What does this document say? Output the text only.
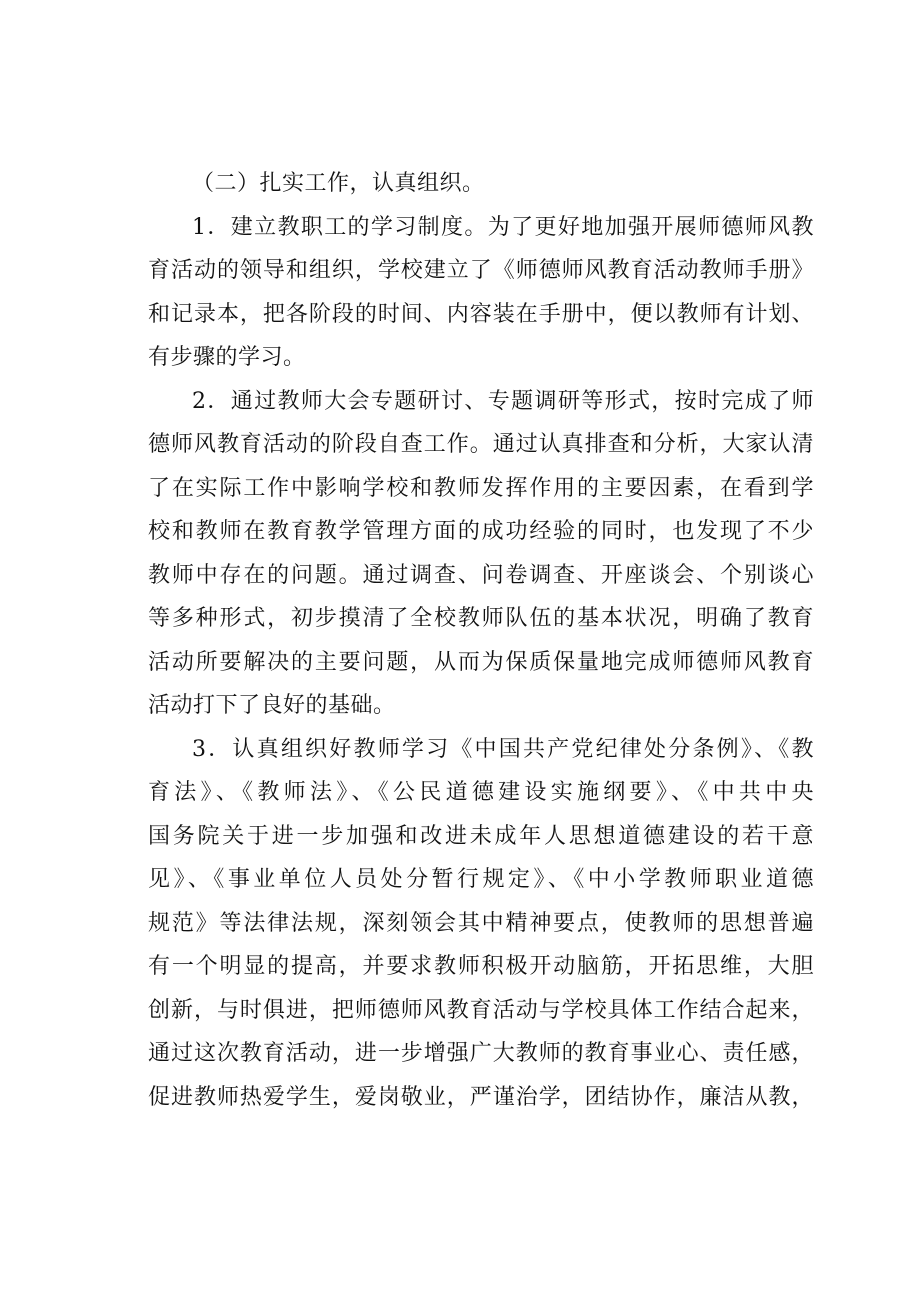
（二）扎实工作，认真组织。
1．建立教职工的学习制度。为了更好地加强开展师德师风教
育活动的领导和组织，学校建立了《师德师风教育活动教师手册》
和记录本，把各阶段的时间、内容装在手册中，便以教师有计划、
有步骤的学习。
2．通过教师大会专题研讨、专题调研等形式，按时完成了师
德师风教育活动的阶段自查工作。通过认真排查和分析，大家认清
了在实际工作中影响学校和教师发挥作用的主要因素，在看到学
校和教师在教育教学管理方面的成功经验的同时，也发现了不少
教师中存在的问题。通过调查、问卷调查、开座谈会、个别谈心
等多种形式，初步摸清了全校教师队伍的基本状况，明确了教育
活动所要解决的主要问题，从而为保质保量地完成师德师风教育
活动打下了良好的基础。
3．认真组织好教师学习《中国共产党纪律处分条例》、《教
育法》、《教师法》、《公民道德建设实施纲要》、《中共中央
国务院关于进一步加强和改进未成年人思想道德建设的若干意
见》、《事业单位人员处分暂行规定》、《中小学教师职业道德
规范》等法律法规，深刻领会其中精神要点，使教师的思想普遍
有一个明显的提高，并要求教师积极开动脑筋，开拓思维，大胆
创新，与时俱进，把师德师风教育活动与学校具体工作结合起来，
通过这次教育活动，进一步增强广大教师的教育事业心、责任感，
促进教师热爱学生，爱岗敬业，严谨治学，团结协作，廉洁从教，
